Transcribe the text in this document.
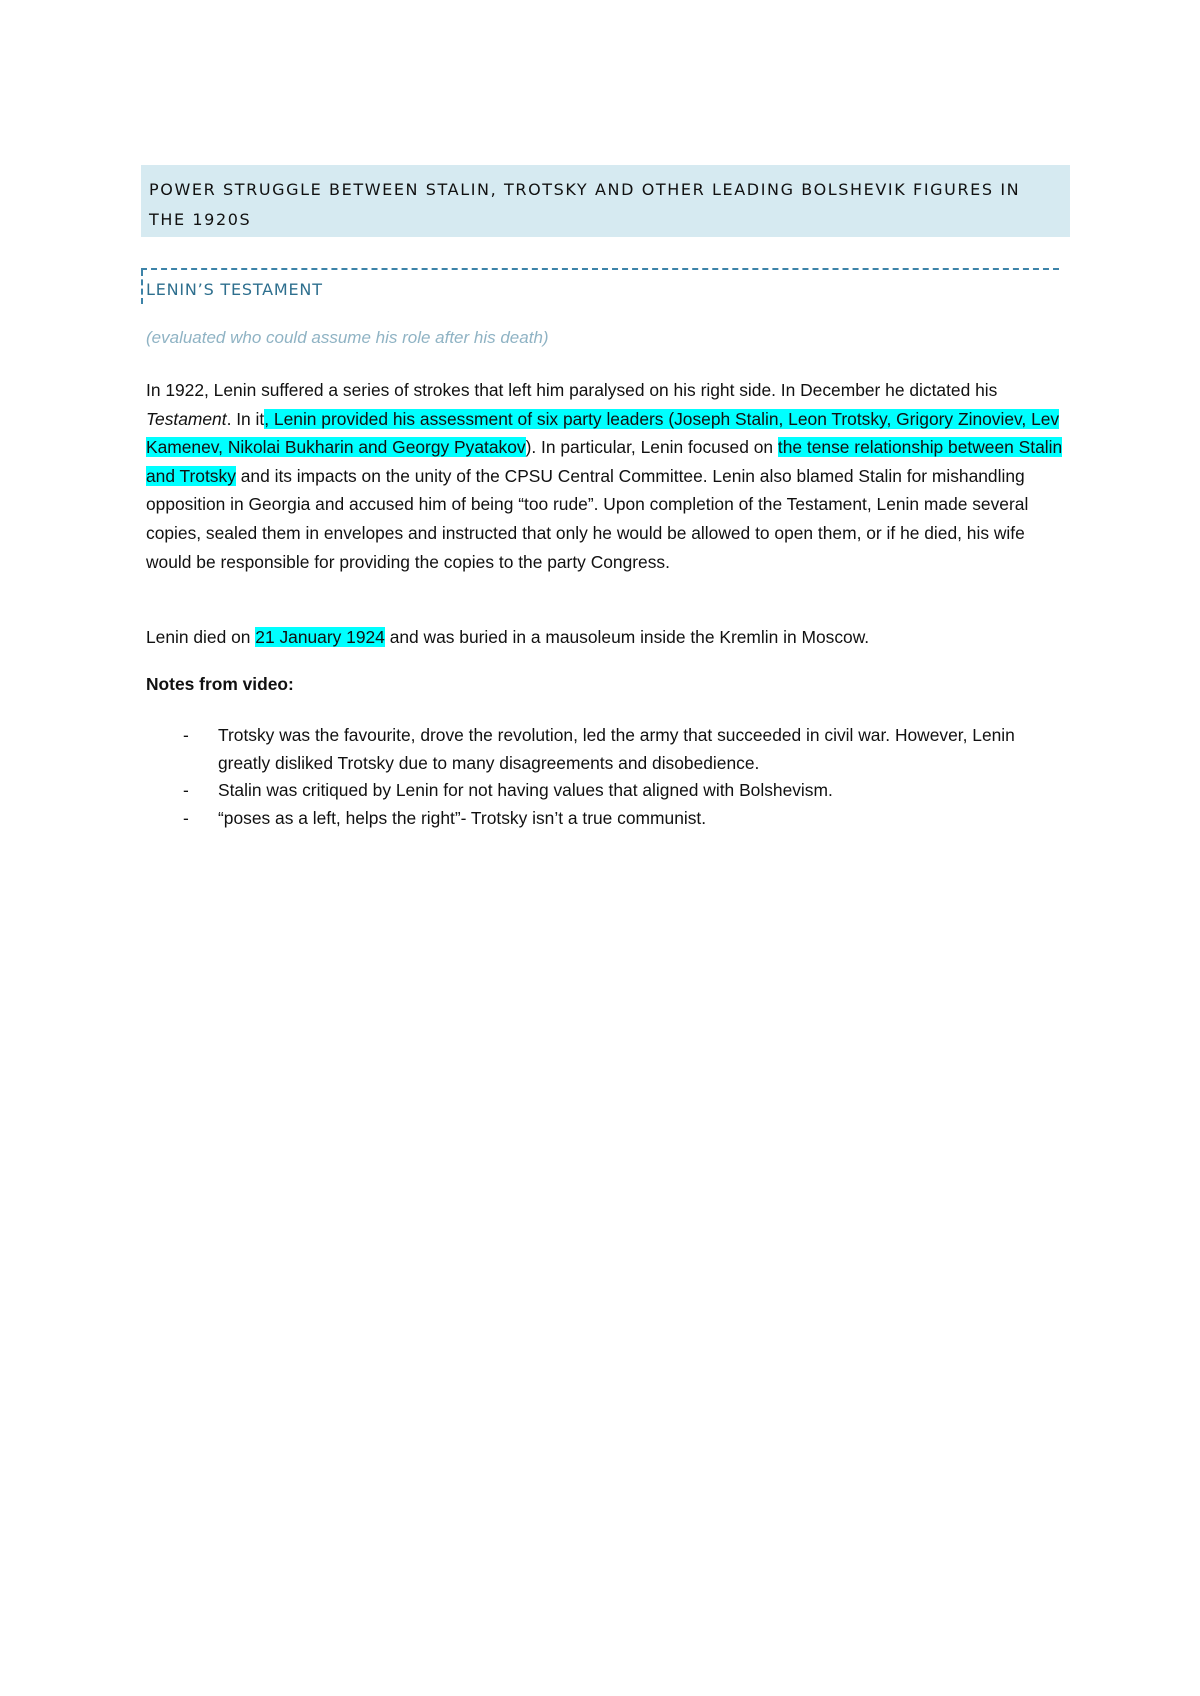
POWER STRUGGLE BETWEEN STALIN, TROTSKY AND OTHER LEADING BOLSHEVIK FIGURES IN THE 1920S

LENIN’S TESTAMENT

(evaluated who could assume his role after his death)

In 1922, Lenin suffered a series of strokes that left him paralysed on his right side. In December he dictated his Testament. In it, Lenin provided his assessment of six party leaders (Joseph Stalin, Leon Trotsky, Grigory Zinoviev, Lev Kamenev, Nikolai Bukharin and Georgy Pyatakov). In particular, Lenin focused on the tense relationship between Stalin and Trotsky and its impacts on the unity of the CPSU Central Committee. Lenin also blamed Stalin for mishandling opposition in Georgia and accused him of being “too rude”. Upon completion of the Testament, Lenin made several copies, sealed them in envelopes and instructed that only he would be allowed to open them, or if he died, his wife would be responsible for providing the copies to the party Congress.

Lenin died on 21 January 1924 and was buried in a mausoleum inside the Kremlin in Moscow.

Notes from video:

- Trotsky was the favourite, drove the revolution, led the army that succeeded in civil war. However, Lenin greatly disliked Trotsky due to many disagreements and disobedience.
- Stalin was critiqued by Lenin for not having values that aligned with Bolshevism.
- “poses as a left, helps the right”- Trotsky isn’t a true communist.
